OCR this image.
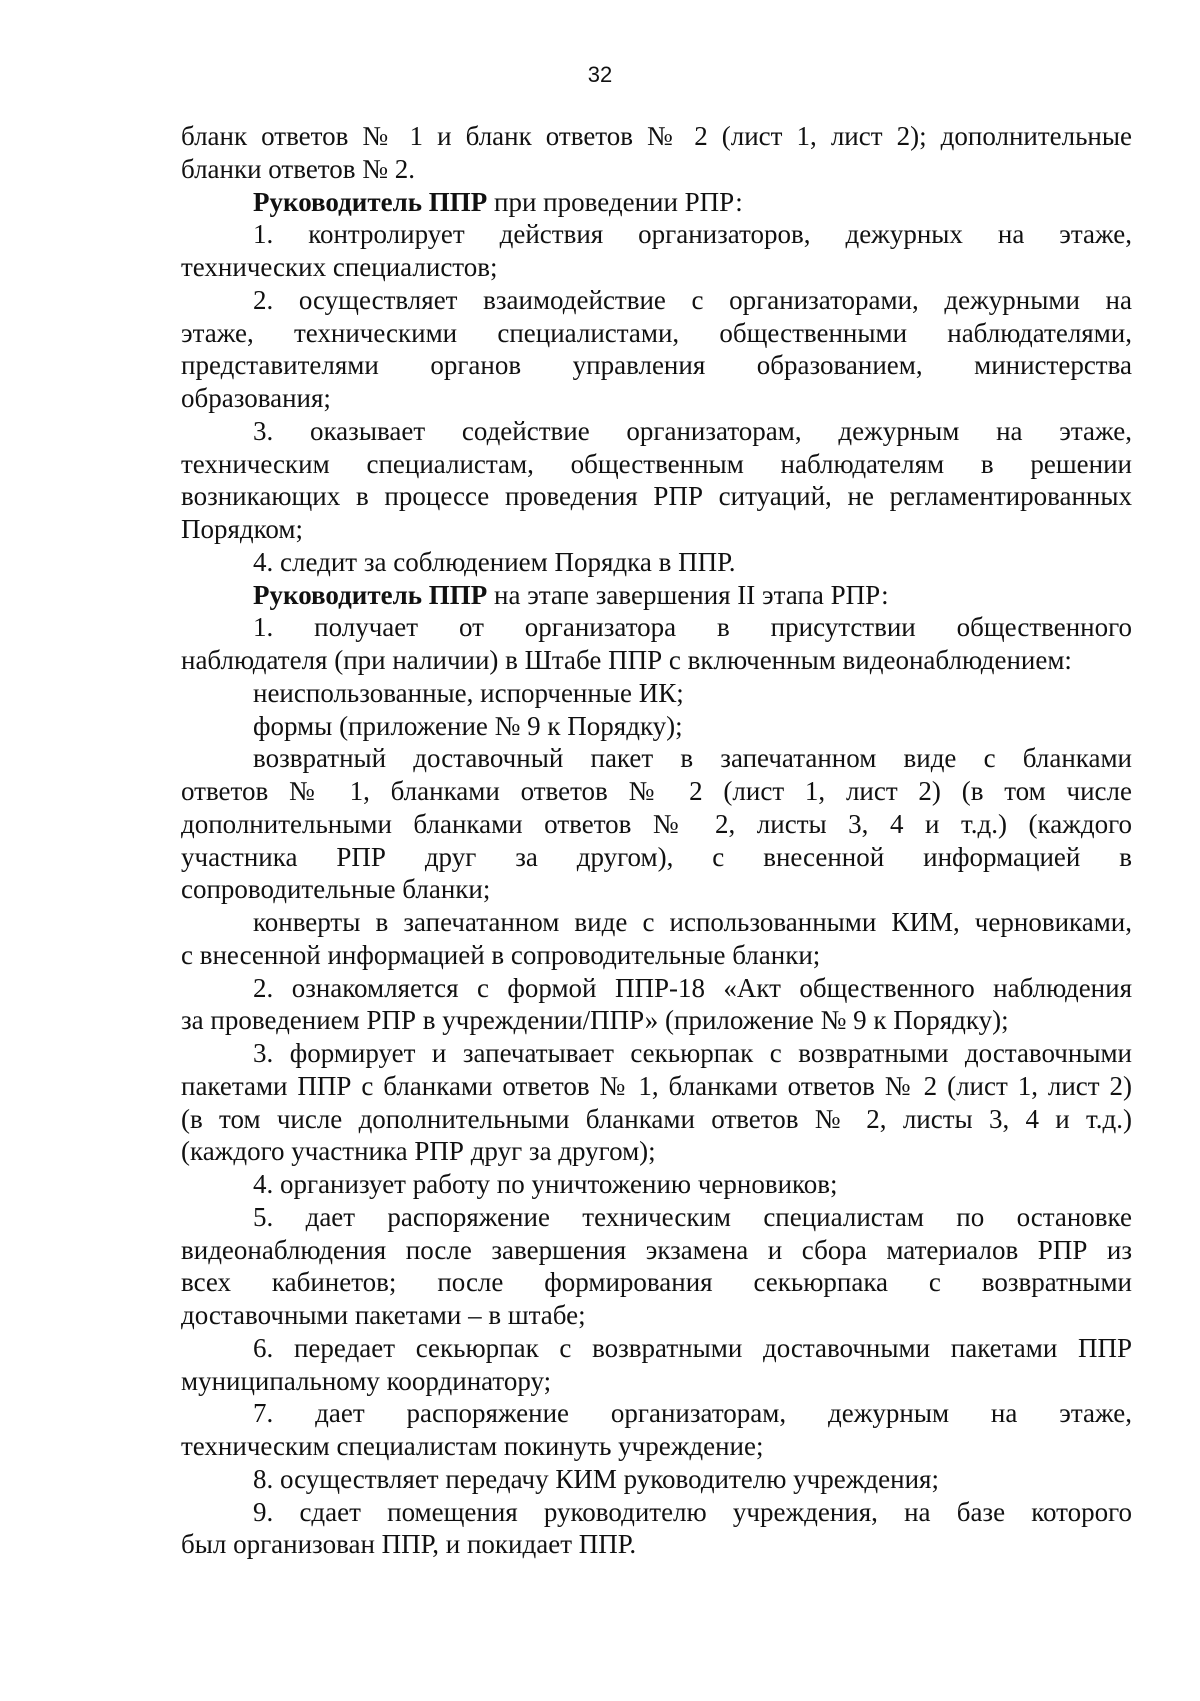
32
бланк ответов № 1 и бланк ответов № 2 (лист 1, лист 2); дополнительные
бланки ответов № 2.
Руководитель ППР при проведении РПР:
1. контролирует действия организаторов, дежурных на этаже,
технических специалистов;
2. осуществляет взаимодействие с организаторами, дежурными на
этаже, техническими специалистами, общественными наблюдателями,
представителями органов управления образованием, министерства
образования;
3. оказывает содействие организаторам, дежурным на этаже,
техническим специалистам, общественным наблюдателям в решении
возникающих в процессе проведения РПР ситуаций, не регламентированных
Порядком;
4. следит за соблюдением Порядка в ППР.
Руководитель ППР на этапе завершения II этапа РПР:
1. получает от организатора в присутствии общественного
наблюдателя (при наличии) в Штабе ППР с включенным видеонаблюдением:
неиспользованные, испорченные ИК;
формы (приложение № 9 к Порядку);
возвратный доставочный пакет в запечатанном виде с бланками
ответов № 1, бланками ответов № 2 (лист 1, лист 2) (в том числе
дополнительными бланками ответов № 2, листы 3, 4 и т.д.) (каждого
участника РПР друг за другом), с внесенной информацией в
сопроводительные бланки;
конверты в запечатанном виде с использованными КИМ, черновиками,
с внесенной информацией в сопроводительные бланки;
2. ознакомляется с формой ППР-18 «Акт общественного наблюдения
за проведением РПР в учреждении/ППР» (приложение № 9 к Порядку);
3. формирует и запечатывает секьюрпак с возвратными доставочными
пакетами ППР с бланками ответов № 1, бланками ответов № 2 (лист 1, лист 2)
(в том числе дополнительными бланками ответов № 2, листы 3, 4 и т.д.)
(каждого участника РПР друг за другом);
4. организует работу по уничтожению черновиков;
5. дает распоряжение техническим специалистам по остановке
видеонаблюдения после завершения экзамена и сбора материалов РПР из
всех кабинетов; после формирования секьюрпака с возвратными
доставочными пакетами – в штабе;
6. передает секьюрпак с возвратными доставочными пакетами ППР
муниципальному координатору;
7. дает распоряжение организаторам, дежурным на этаже,
техническим специалистам покинуть учреждение;
8. осуществляет передачу КИМ руководителю учреждения;
9. сдает помещения руководителю учреждения, на базе которого
был организован ППР, и покидает ППР.
